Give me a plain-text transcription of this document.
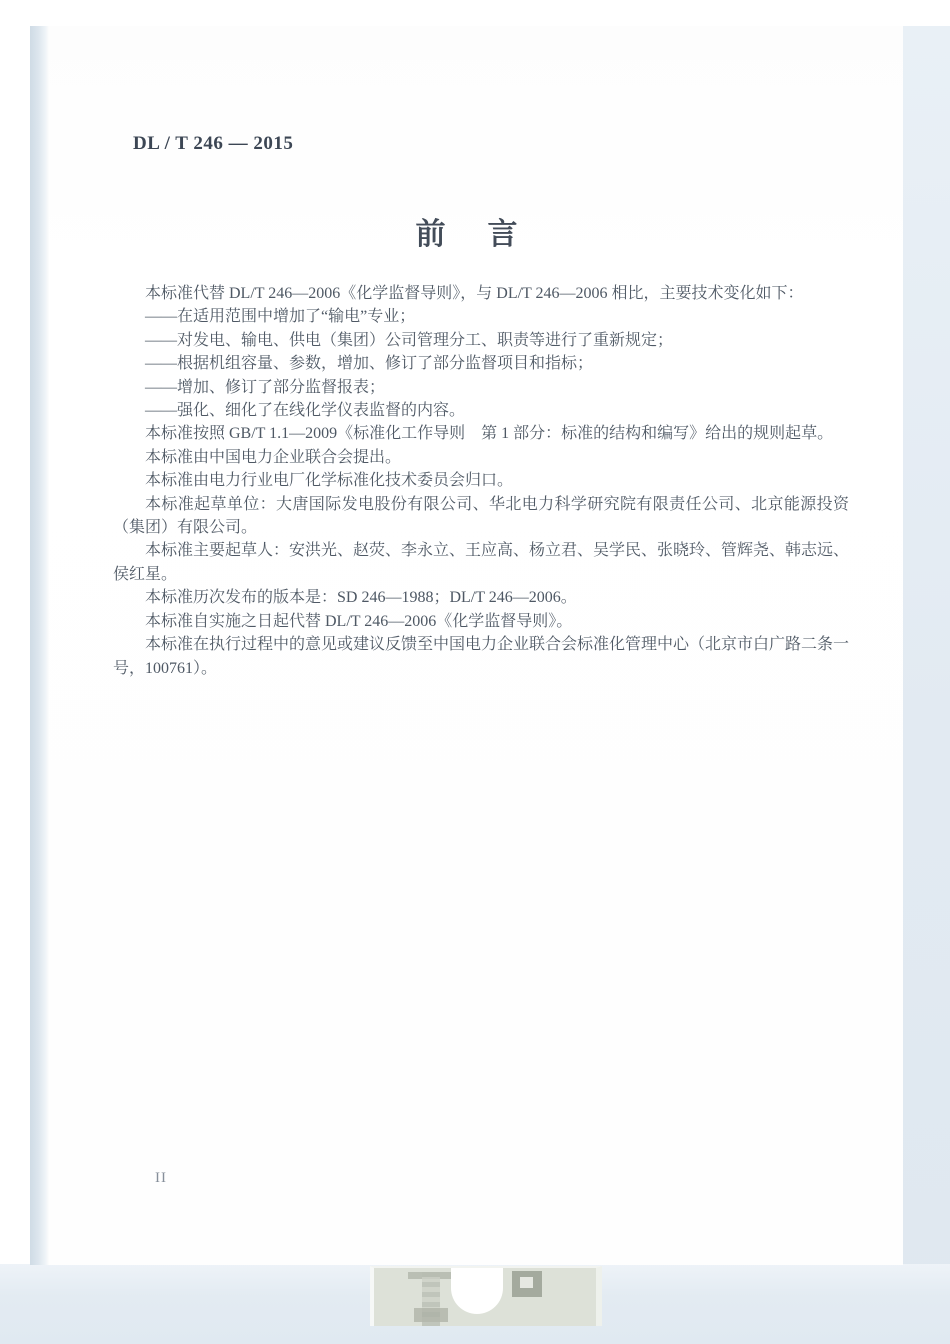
DL / T 246 — 2015
前 言

本标准代替 DL/T 246—2006《化学监督导则》，与 DL/T 246—2006 相比，主要技术变化如下：

——在适用范围中增加了“输电”专业；

——对发电、输电、供电（集团）公司管理分工、职责等进行了重新规定；

——根据机组容量、参数，增加、修订了部分监督项目和指标；

——增加、修订了部分监督报表；

——强化、细化了在线化学仪表监督的内容。

本标准按照 GB/T 1.1—2009《标准化工作导则　第 1 部分：标准的结构和编写》给出的规则起草。

本标准由中国电力企业联合会提出。

本标准由电力行业电厂化学标准化技术委员会归口。

本标准起草单位：大唐国际发电股份有限公司、华北电力科学研究院有限责任公司、北京能源投资（集团）有限公司。

本标准主要起草人：安洪光、赵荧、李永立、王应高、杨立君、吴学民、张晓玲、管辉尧、韩志远、侯红星。

本标准历次发布的版本是：SD 246—1988；DL/T 246—2006。

本标准自实施之日起代替 DL/T 246—2006《化学监督导则》。

本标准在执行过程中的意见或建议反馈至中国电力企业联合会标准化管理中心（北京市白广路二条一号，100761）。

II
